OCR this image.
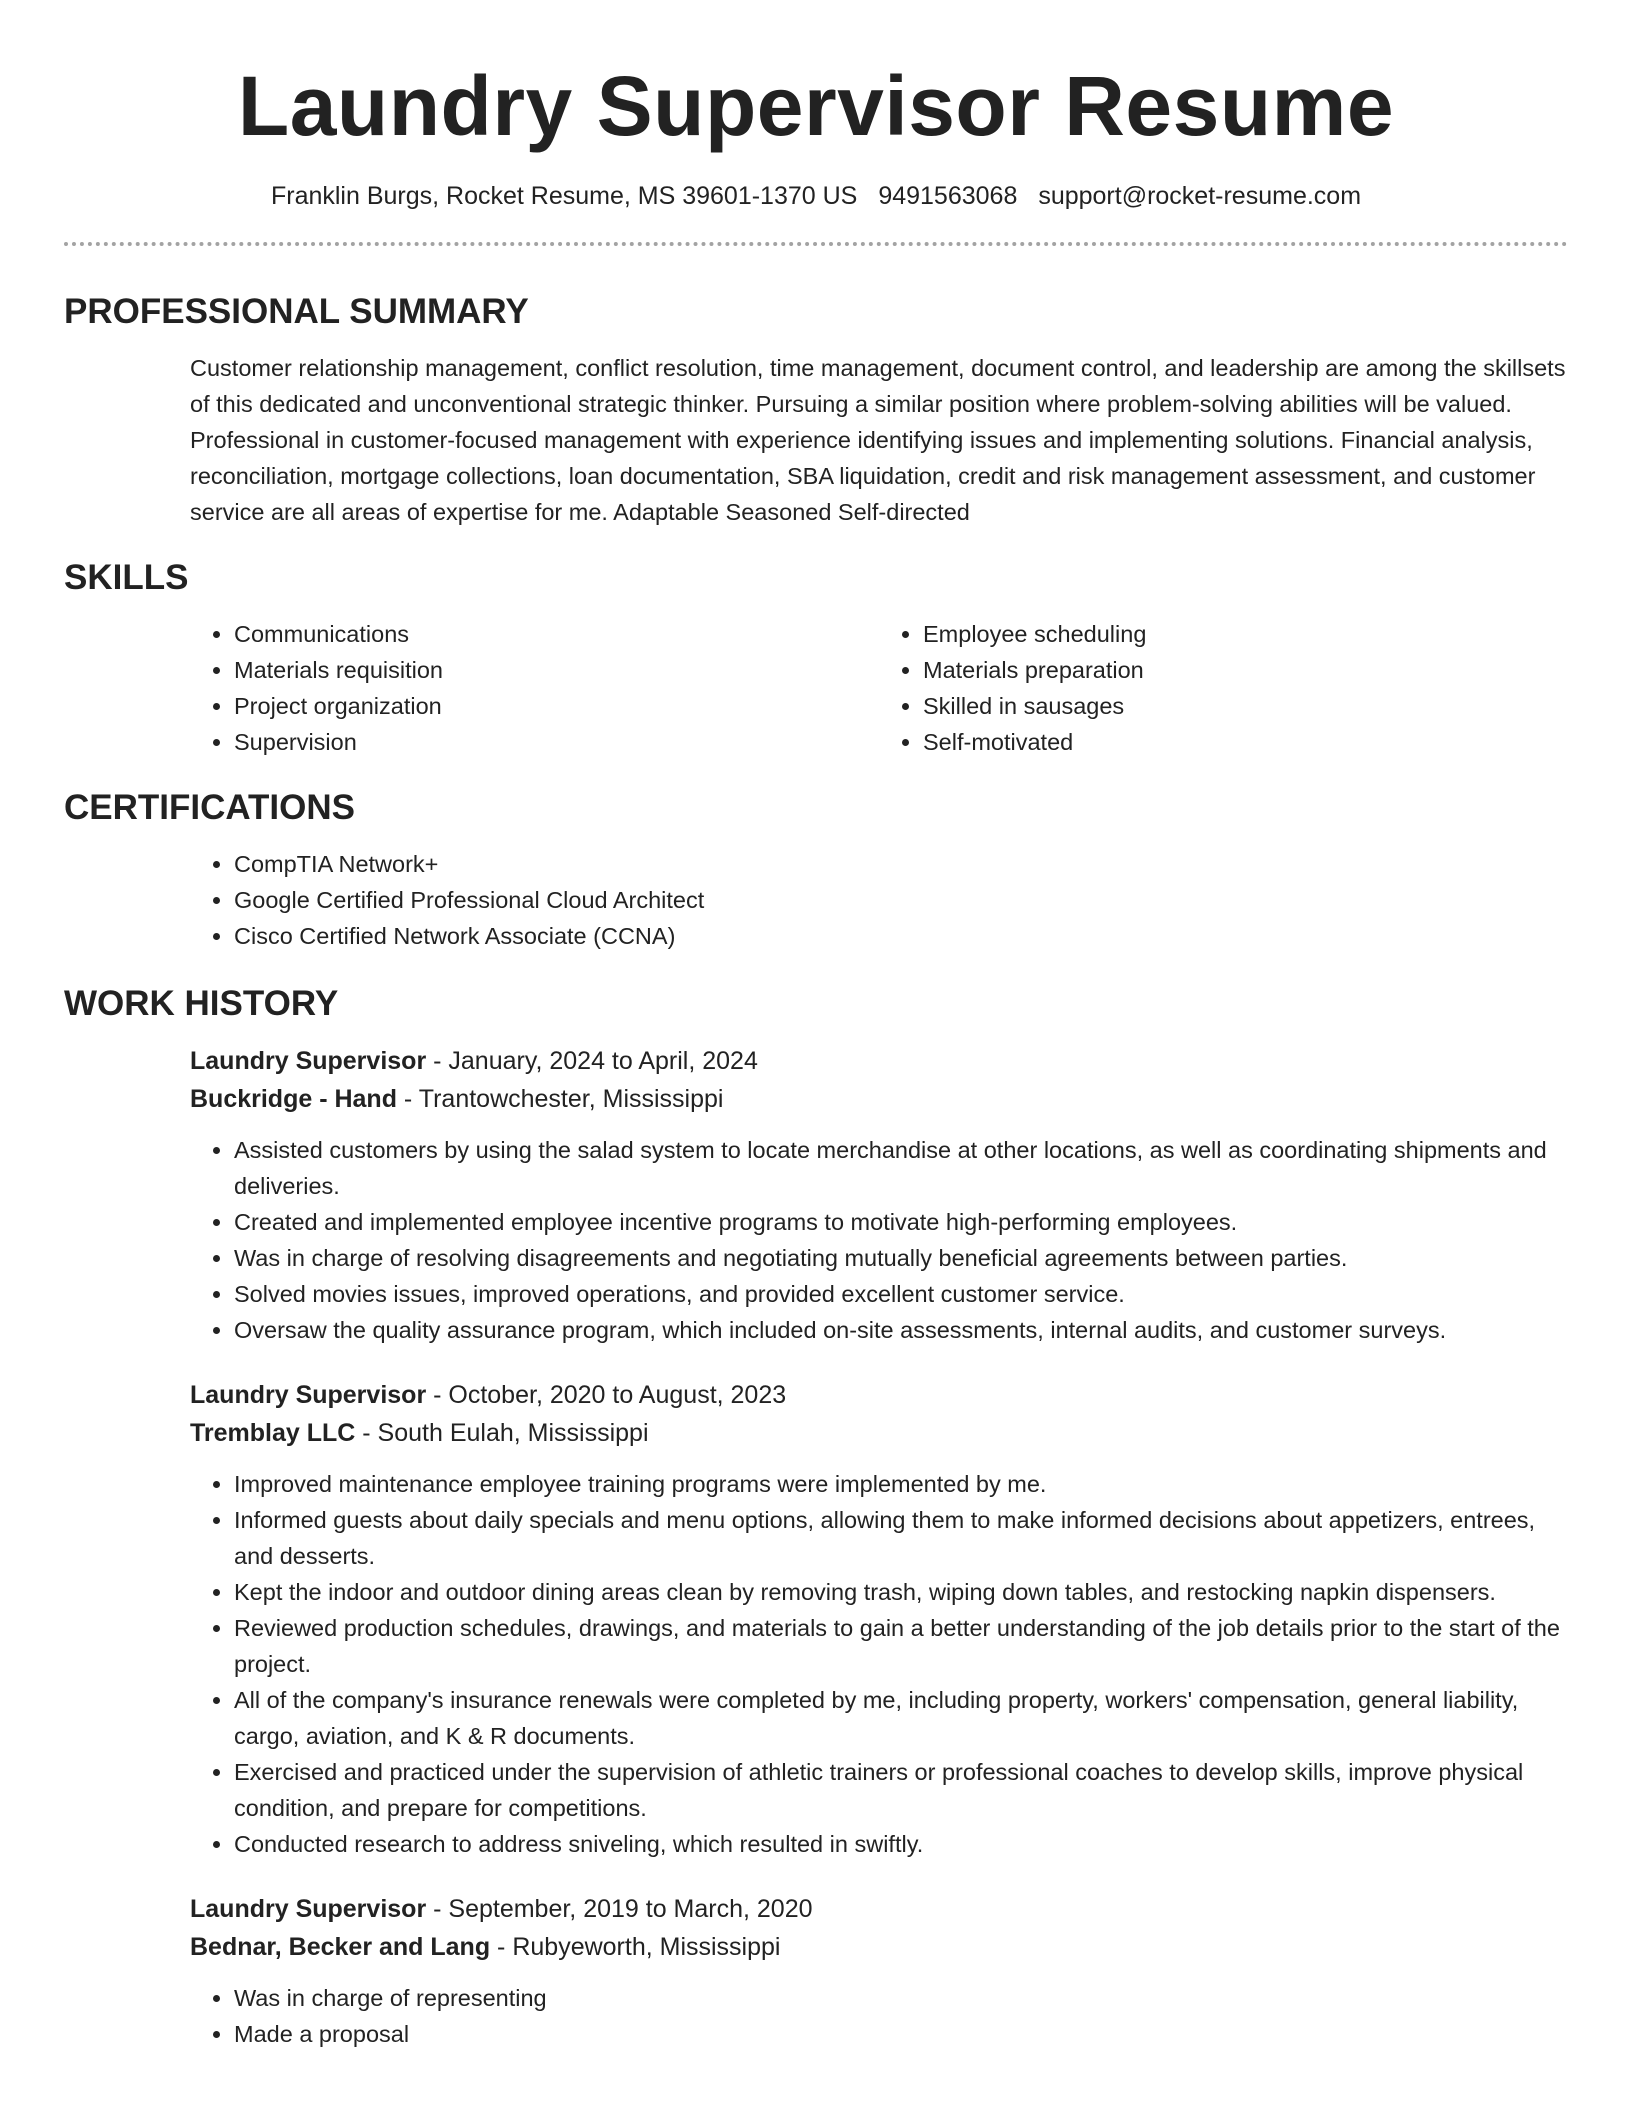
Laundry Supervisor Resume
Franklin Burgs, Rocket Resume, MS 39601-1370 US 9491563068 support@rocket-resume.com
PROFESSIONAL SUMMARY

Customer relationship management, conflict resolution, time management, document control, and leadership are among the skillsets of this dedicated and unconventional strategic thinker. Pursuing a similar position where problem-solving abilities will be valued. Professional in customer-focused management with experience identifying issues and implementing solutions. Financial analysis, reconciliation, mortgage collections, loan documentation, SBA liquidation, credit and risk management assessment, and customer service are all areas of expertise for me. Adaptable Seasoned Self-directed

SKILLS
• Communications
• Materials requisition
• Project organization
• Supervision
• Employee scheduling
• Materials preparation
• Skilled in sausages
• Self-motivated
CERTIFICATIONS
• CompTIA Network+
• Google Certified Professional Cloud Architect
• Cisco Certified Network Associate (CCNA)
WORK HISTORY
Laundry Supervisor - January, 2024 to April, 2024
Buckridge - Hand - Trantowchester, Mississippi
• Assisted customers by using the salad system to locate merchandise at other locations, as well as coordinating shipments and deliveries.
• Created and implemented employee incentive programs to motivate high-performing employees.
• Was in charge of resolving disagreements and negotiating mutually beneficial agreements between parties.
• Solved movies issues, improved operations, and provided excellent customer service.
• Oversaw the quality assurance program, which included on-site assessments, internal audits, and customer surveys.
Laundry Supervisor - October, 2020 to August, 2023
Tremblay LLC - South Eulah, Mississippi
• Improved maintenance employee training programs were implemented by me.
• Informed guests about daily specials and menu options, allowing them to make informed decisions about appetizers, entrees, and desserts.
• Kept the indoor and outdoor dining areas clean by removing trash, wiping down tables, and restocking napkin dispensers.
• Reviewed production schedules, drawings, and materials to gain a better understanding of the job details prior to the start of the project.
• All of the company's insurance renewals were completed by me, including property, workers' compensation, general liability, cargo, aviation, and K & R documents.
• Exercised and practiced under the supervision of athletic trainers or professional coaches to develop skills, improve physical condition, and prepare for competitions.
• Conducted research to address sniveling, which resulted in swiftly.
Laundry Supervisor - September, 2019 to March, 2020
Bednar, Becker and Lang - Rubyeworth, Mississippi
• Was in charge of representing
• Made a proposal
